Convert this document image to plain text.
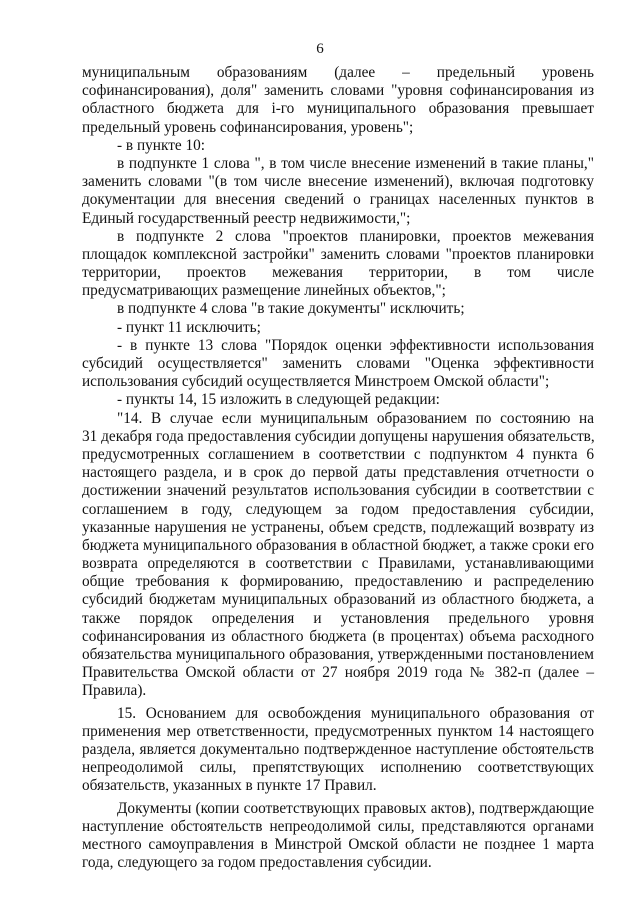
6
муниципальным образованиям (далее – предельный уровень
софинансирования), доля" заменить словами "уровня софинансирования из
областного бюджета для i-го муниципального образования превышает
предельный уровень софинансирования, уровень";
- в пункте 10:
в подпункте 1 слова ", в том числе внесение изменений в такие планы,"
заменить словами "(в том числе внесение изменений), включая подготовку
документации для внесения сведений о границах населенных пунктов в
Единый государственный реестр недвижимости,";
в подпункте 2 слова "проектов планировки, проектов межевания
площадок комплексной застройки" заменить словами "проектов планировки
территории, проектов межевания территории, в том числе
предусматривающих размещение линейных объектов,";
в подпункте 4 слова "в такие документы" исключить;
- пункт 11 исключить;
- в пункте 13 слова "Порядок оценки эффективности использования
субсидий осуществляется" заменить словами "Оценка эффективности
использования субсидий осуществляется Минстроем Омской области";
- пункты 14, 15 изложить в следующей редакции:
"14. В случае если муниципальным образованием по состоянию на
31 декабря года предоставления субсидии допущены нарушения обязательств,
предусмотренных соглашением в соответствии с подпунктом 4 пункта 6
настоящего раздела, и в срок до первой даты представления отчетности о
достижении значений результатов использования субсидии в соответствии с
соглашением в году, следующем за годом предоставления субсидии,
указанные нарушения не устранены, объем средств, подлежащий возврату из
бюджета муниципального образования в областной бюджет, а также сроки его
возврата определяются в соответствии с Правилами, устанавливающими
общие требования к формированию, предоставлению и распределению
субсидий бюджетам муниципальных образований из областного бюджета, а
также порядок определения и установления предельного уровня
софинансирования из областного бюджета (в процентах) объема расходного
обязательства муниципального образования, утвержденными постановлением
Правительства Омской области от 27 ноября 2019 года № 382-п (далее –
Правила).
15. Основанием для освобождения муниципального образования от
применения мер ответственности, предусмотренных пунктом 14 настоящего
раздела, является документально подтвержденное наступление обстоятельств
непреодолимой силы, препятствующих исполнению соответствующих
обязательств, указанных в пункте 17 Правил.
Документы (копии соответствующих правовых актов), подтверждающие
наступление обстоятельств непреодолимой силы, представляются органами
местного самоуправления в Минстрой Омской области не позднее 1 марта
года, следующего за годом предоставления субсидии.
